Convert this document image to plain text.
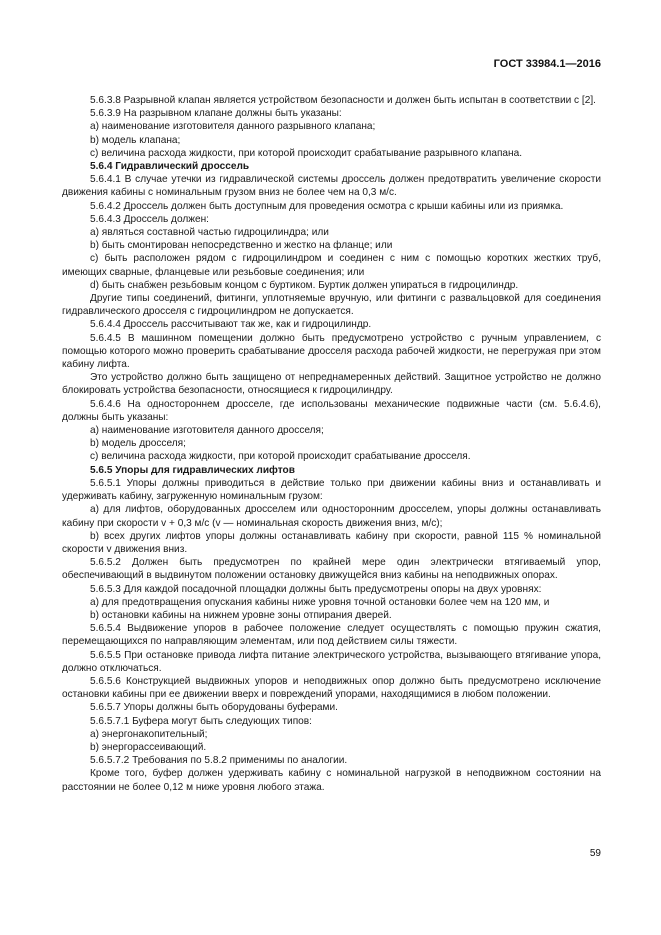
ГОСТ 33984.1—2016

5.6.3.8 Разрывной клапан является устройством безопасности и должен быть испытан в соответствии с [2].

5.6.3.9 На разрывном клапане должны быть указаны:

а) наименование изготовителя данного разрывного клапана;

b) модель клапана;

c) величина расхода жидкости, при которой происходит срабатывание разрывного клапана.

5.6.4 Гидравлический дроссель

5.6.4.1 В случае утечки из гидравлической системы дроссель должен предотвратить увеличение скорости движения кабины с номинальным грузом вниз не более чем на 0,3 м/с.

5.6.4.2 Дроссель должен быть доступным для проведения осмотра с крыши кабины или из приямка.

5.6.4.3 Дроссель должен:

а) являться составной частью гидроцилиндра; или

b) быть смонтирован непосредственно и жестко на фланце; или

c) быть расположен рядом с гидроцилиндром и соединен с ним с помощью коротких жестких труб, имеющих сварные, фланцевые или резьбовые соединения; или

d) быть снабжен резьбовым концом с буртиком. Буртик должен упираться в гидроцилиндр.

Другие типы соединений, фитинги, уплотняемые вручную, или фитинги с развальцовкой для соединения гидравлического дросселя с гидроцилиндром не допускается.

5.6.4.4 Дроссель рассчитывают так же, как и гидроцилиндр.

5.6.4.5 В машинном помещении должно быть предусмотрено устройство с ручным управлением, с помощью которого можно проверить срабатывание дросселя расхода рабочей жидкости, не перегружая при этом кабину лифта.

Это устройство должно быть защищено от непреднамеренных действий. Защитное устройство не должно блокировать устройства безопасности, относящиеся к гидроцилиндру.

5.6.4.6 На одностороннем дросселе, где использованы механические подвижные части (см. 5.6.4.6), должны быть указаны:

а) наименование изготовителя данного дросселя;

b) модель дросселя;

c) величина расхода жидкости, при которой происходит срабатывание дросселя.

5.6.5 Упоры для гидравлических лифтов

5.6.5.1 Упоры должны приводиться в действие только при движении кабины вниз и останавливать и удерживать кабину, загруженную номинальным грузом:

а) для лифтов, оборудованных дросселем или односторонним дросселем, упоры должны останавливать кабину при скорости v + 0,3 м/с (v — номинальная скорость движения вниз, м/с);

b) всех других лифтов упоры должны останавливать кабину при скорости, равной 115 % номинальной скорости v движения вниз.

5.6.5.2 Должен быть предусмотрен по крайней мере один электрически втягиваемый упор, обеспечивающий в выдвинутом положении остановку движущейся вниз кабины на неподвижных опорах.

5.6.5.3 Для каждой посадочной площадки должны быть предусмотрены опоры на двух уровнях:

а) для предотвращения опускания кабины ниже уровня точной остановки более чем на 120 мм, и

b) остановки кабины на нижнем уровне зоны отпирания дверей.

5.6.5.4 Выдвижение упоров в рабочее положение следует осуществлять с помощью пружин сжатия, перемещающихся по направляющим элементам, или под действием силы тяжести.

5.6.5.5 При остановке привода лифта питание электрического устройства, вызывающего втягивание упора, должно отключаться.

5.6.5.6 Конструкцией выдвижных упоров и неподвижных опор должно быть предусмотрено исключение остановки кабины при ее движении вверх и повреждений упорами, находящимися в любом положении.

5.6.5.7 Упоры должны быть оборудованы буферами.

5.6.5.7.1 Буфера могут быть следующих типов:

а) энергонакопительный;

b) энергорассеивающий.

5.6.5.7.2 Требования по 5.8.2 применимы по аналогии.

Кроме того, буфер должен удерживать кабину с номинальной нагрузкой в неподвижном состоянии на расстоянии не более 0,12 м ниже уровня любого этажа.

59
